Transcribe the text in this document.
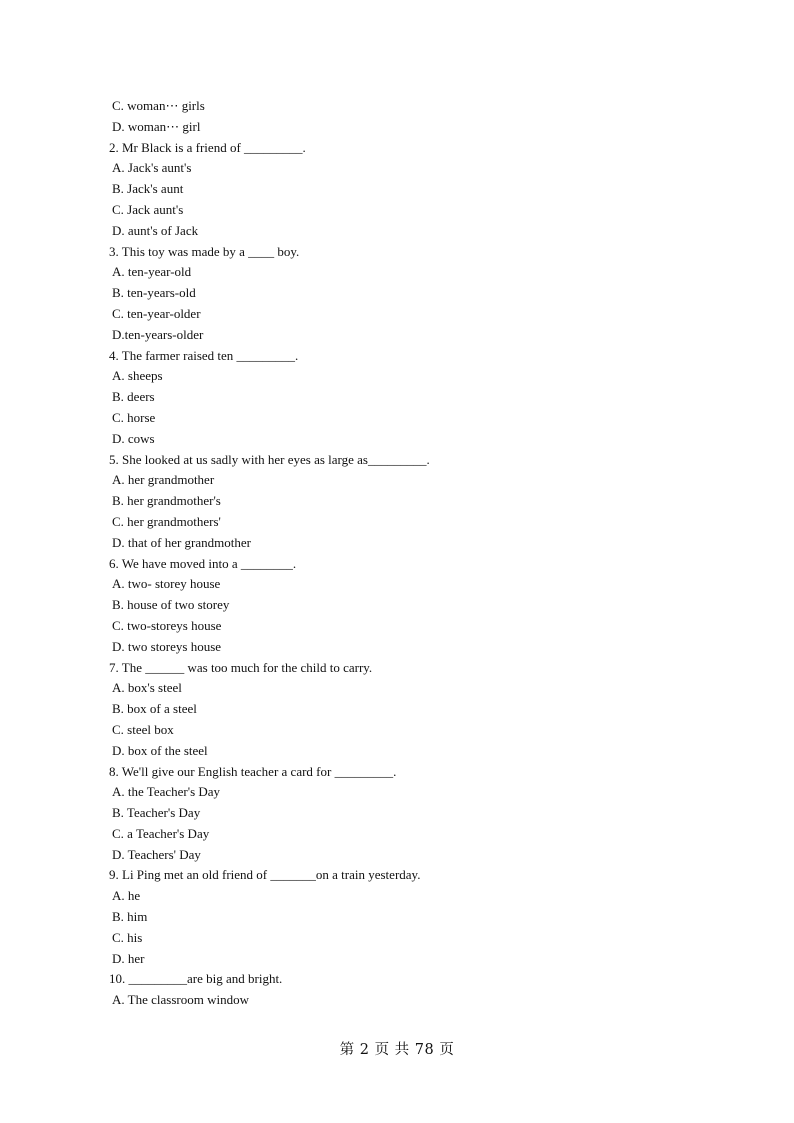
C. woman⋯ girls
D. woman⋯ girl
2. Mr Black is a friend of _________.
A. Jack's aunt's
B. Jack's aunt
C. Jack aunt's
D. aunt's of Jack
3. This toy was made by a ____ boy.
A. ten-year-old
B. ten-years-old
C. ten-year-older
D.ten-years-older
4. The farmer raised ten _________.
A. sheeps
B. deers
C. horse
D. cows
5. She looked at us sadly with her eyes as large as_________.
A. her grandmother
B. her grandmother's
C. her grandmothers'
D. that of her grandmother
6. We have moved into a ________.
A. two- storey house
B. house of two storey
C. two-storeys house
D. two storeys house
7. The ______ was too much for the child to carry.
A. box's steel
B. box of a steel
C. steel box
D. box of the steel
8. We'll give our English teacher a card for _________.
A. the Teacher's Day
B. Teacher's Day
C. a Teacher's Day
D. Teachers' Day
9. Li Ping met an old friend of _______on a train yesterday.
A. he
B. him
C. his
D. her
10. _________are big and bright.
A. The classroom window
第 2 页 共 78 页
